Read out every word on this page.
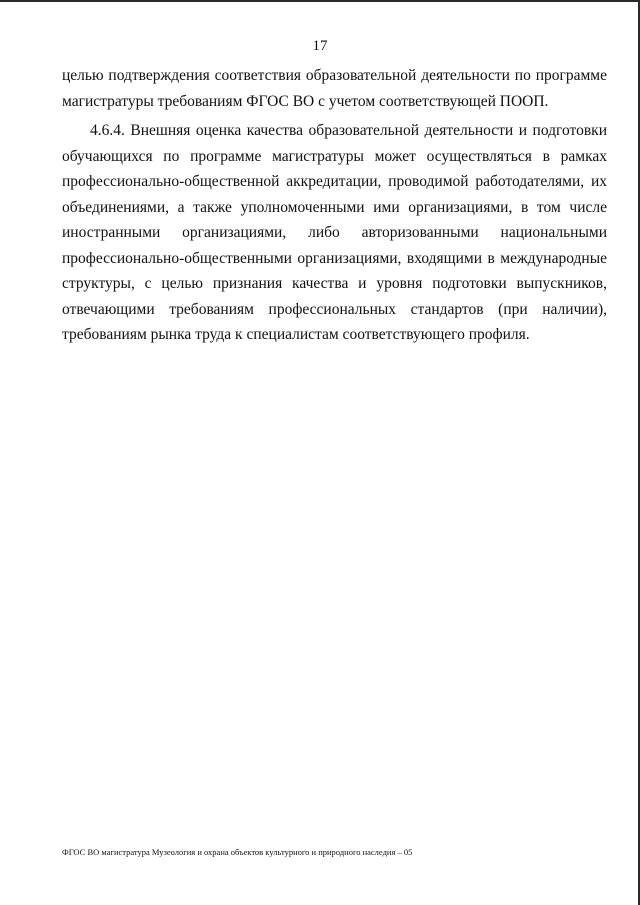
17
целью подтверждения соответствия образовательной деятельности по программе
магистратуры требованиям ФГОС ВО с учетом соответствующей ПООП.
4.6.4. Внешняя оценка качества образовательной деятельности и подготовки
обучающихся по программе магистратуры может осуществляться в рамках
профессионально-общественной аккредитации, проводимой работодателями, их
объединениями, а также уполномоченными ими организациями, в том числе
иностранными организациями, либо авторизованными национальными
профессионально-общественными организациями, входящими в международные
структуры, с целью признания качества и уровня подготовки выпускников,
отвечающими требованиям профессиональных стандартов (при наличии),
требованиям рынка труда к специалистам соответствующего профиля.
ФГОС ВО магистратура Музеология и охрана объектов культурного и природного наследия – 05
